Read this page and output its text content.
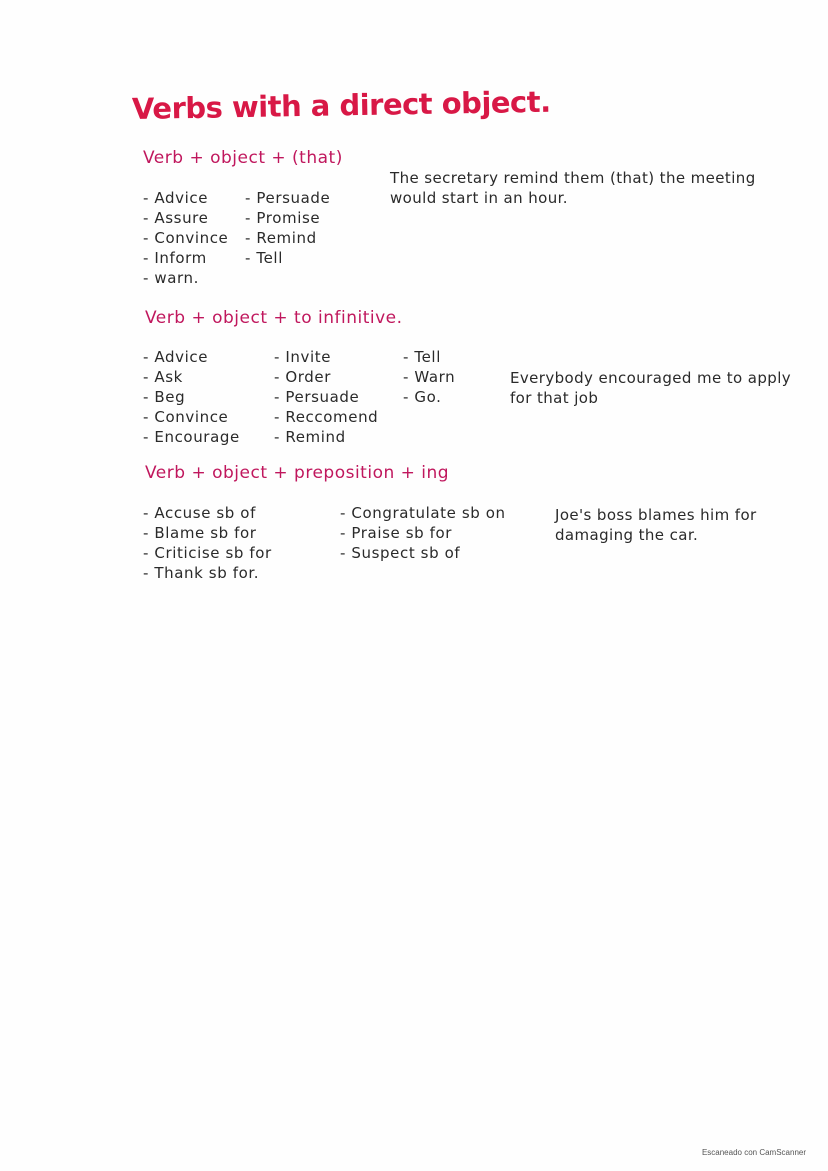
Verbs with a direct object.
Verb + object + (that)
- Advice
- Assure
- Convince
- Inform
- warn.
- Persuade
- Promise
- Remind
- Tell
The secretary remind them (that) the meeting
would start in an hour.
Verb + object + to infinitive.
- Advice
- Ask
- Beg
- Convince
- Encourage
- Invite
- Order
- Persuade
- Reccomend
- Remind
- Tell
- Warn
- Go.
Everybody encouraged me to apply
for that job
Verb + object + preposition + ing
- Accuse sb of
- Blame sb for
- Criticise sb for
- Thank sb for.
- Congratulate sb on
- Praise sb for
- Suspect sb of
Joe's boss blames him for
damaging the car.
Escaneado con CamScanner
